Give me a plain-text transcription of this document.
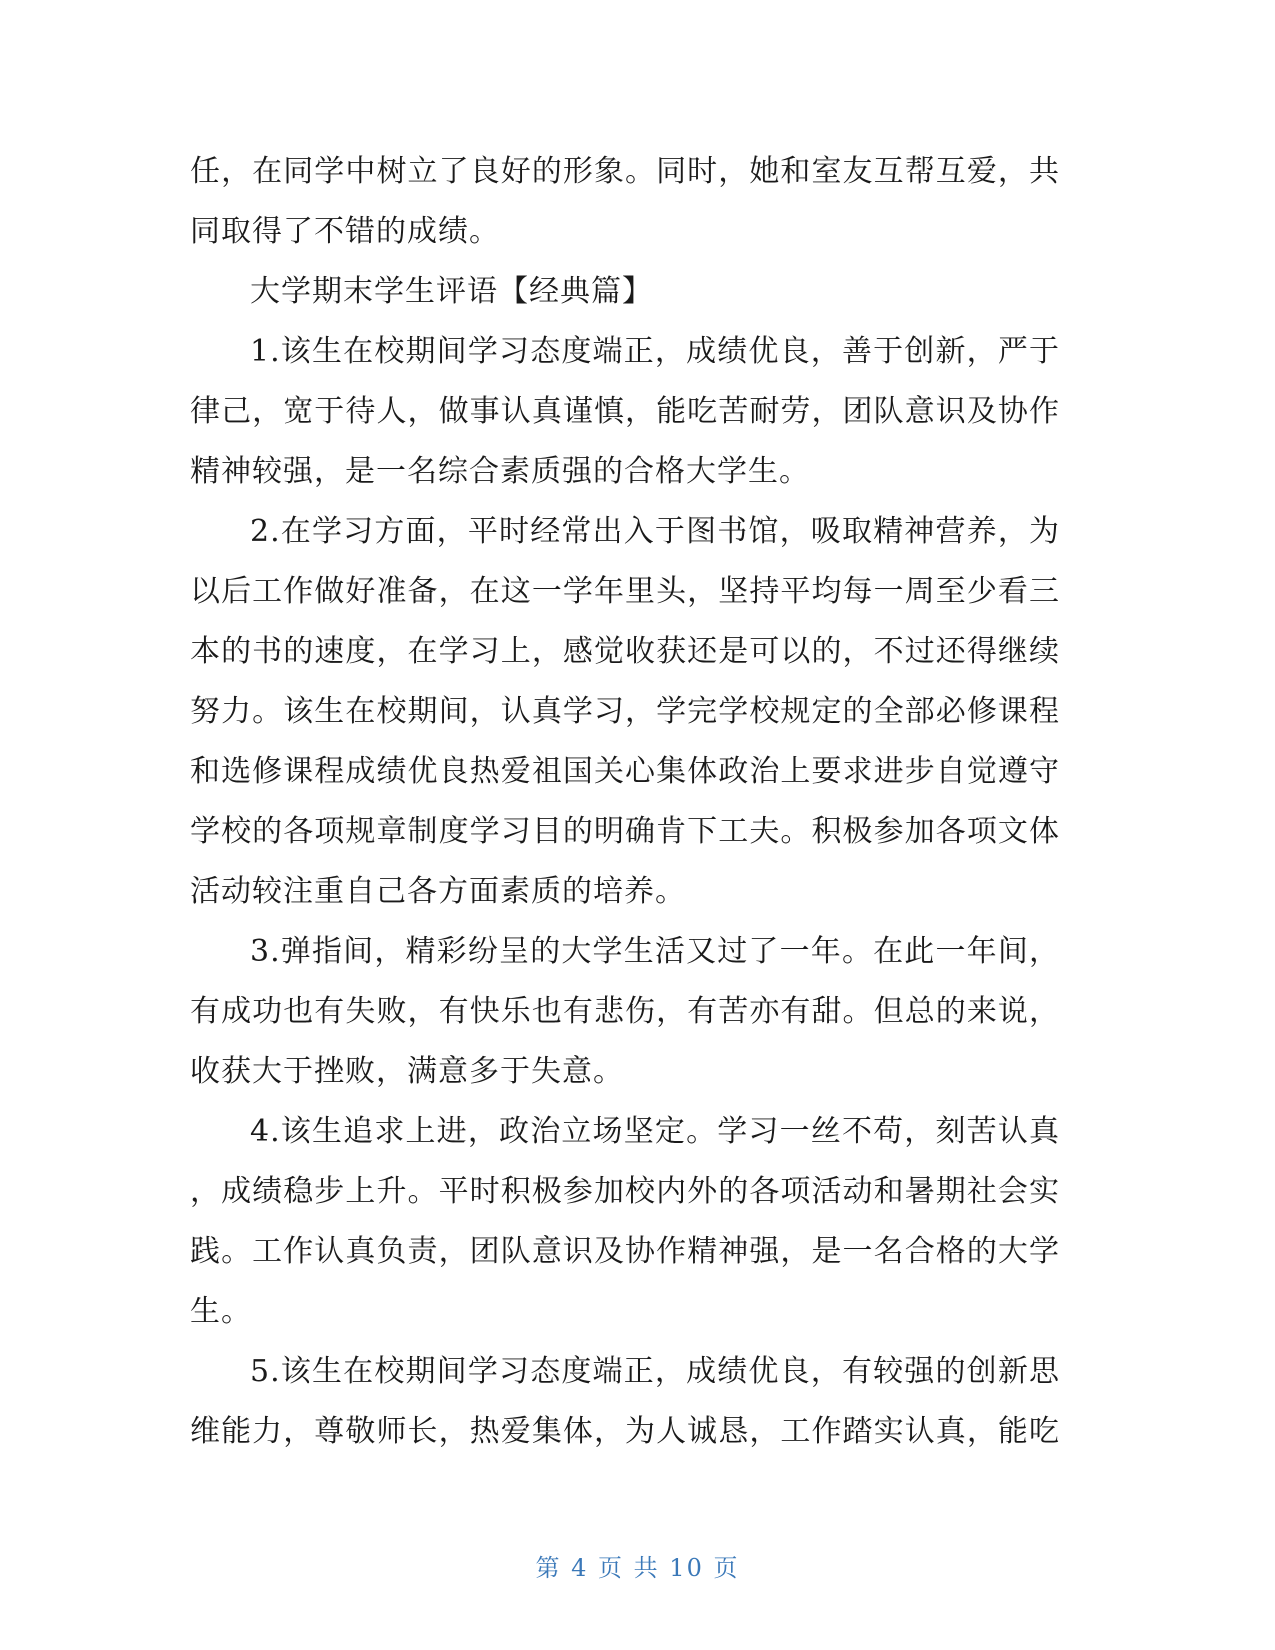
任，在同学中树立了良好的形象。同时，她和室友互帮互爱，共
同取得了不错的成绩。
大学期末学生评语【经典篇】
1.该生在校期间学习态度端正，成绩优良，善于创新，严于
律己，宽于待人，做事认真谨慎，能吃苦耐劳，团队意识及协作
精神较强，是一名综合素质强的合格大学生。
2.在学习方面，平时经常出入于图书馆，吸取精神营养，为
以后工作做好准备，在这一学年里头，坚持平均每一周至少看三
本的书的速度，在学习上，感觉收获还是可以的，不过还得继续
努力。该生在校期间，认真学习，学完学校规定的全部必修课程
和选修课程成绩优良热爱祖国关心集体政治上要求进步自觉遵守
学校的各项规章制度学习目的明确肯下工夫。积极参加各项文体
活动较注重自己各方面素质的培养。
3.弹指间，精彩纷呈的大学生活又过了一年。在此一年间，
有成功也有失败，有快乐也有悲伤，有苦亦有甜。但总的来说，
收获大于挫败，满意多于失意。
4.该生追求上进，政治立场坚定。学习一丝不苟，刻苦认真
，成绩稳步上升。平时积极参加校内外的各项活动和暑期社会实
践。工作认真负责，团队意识及协作精神强，是一名合格的大学
生。
5.该生在校期间学习态度端正，成绩优良，有较强的创新思
维能力，尊敬师长，热爱集体，为人诚恳，工作踏实认真，能吃
第 4 页 共 10 页
